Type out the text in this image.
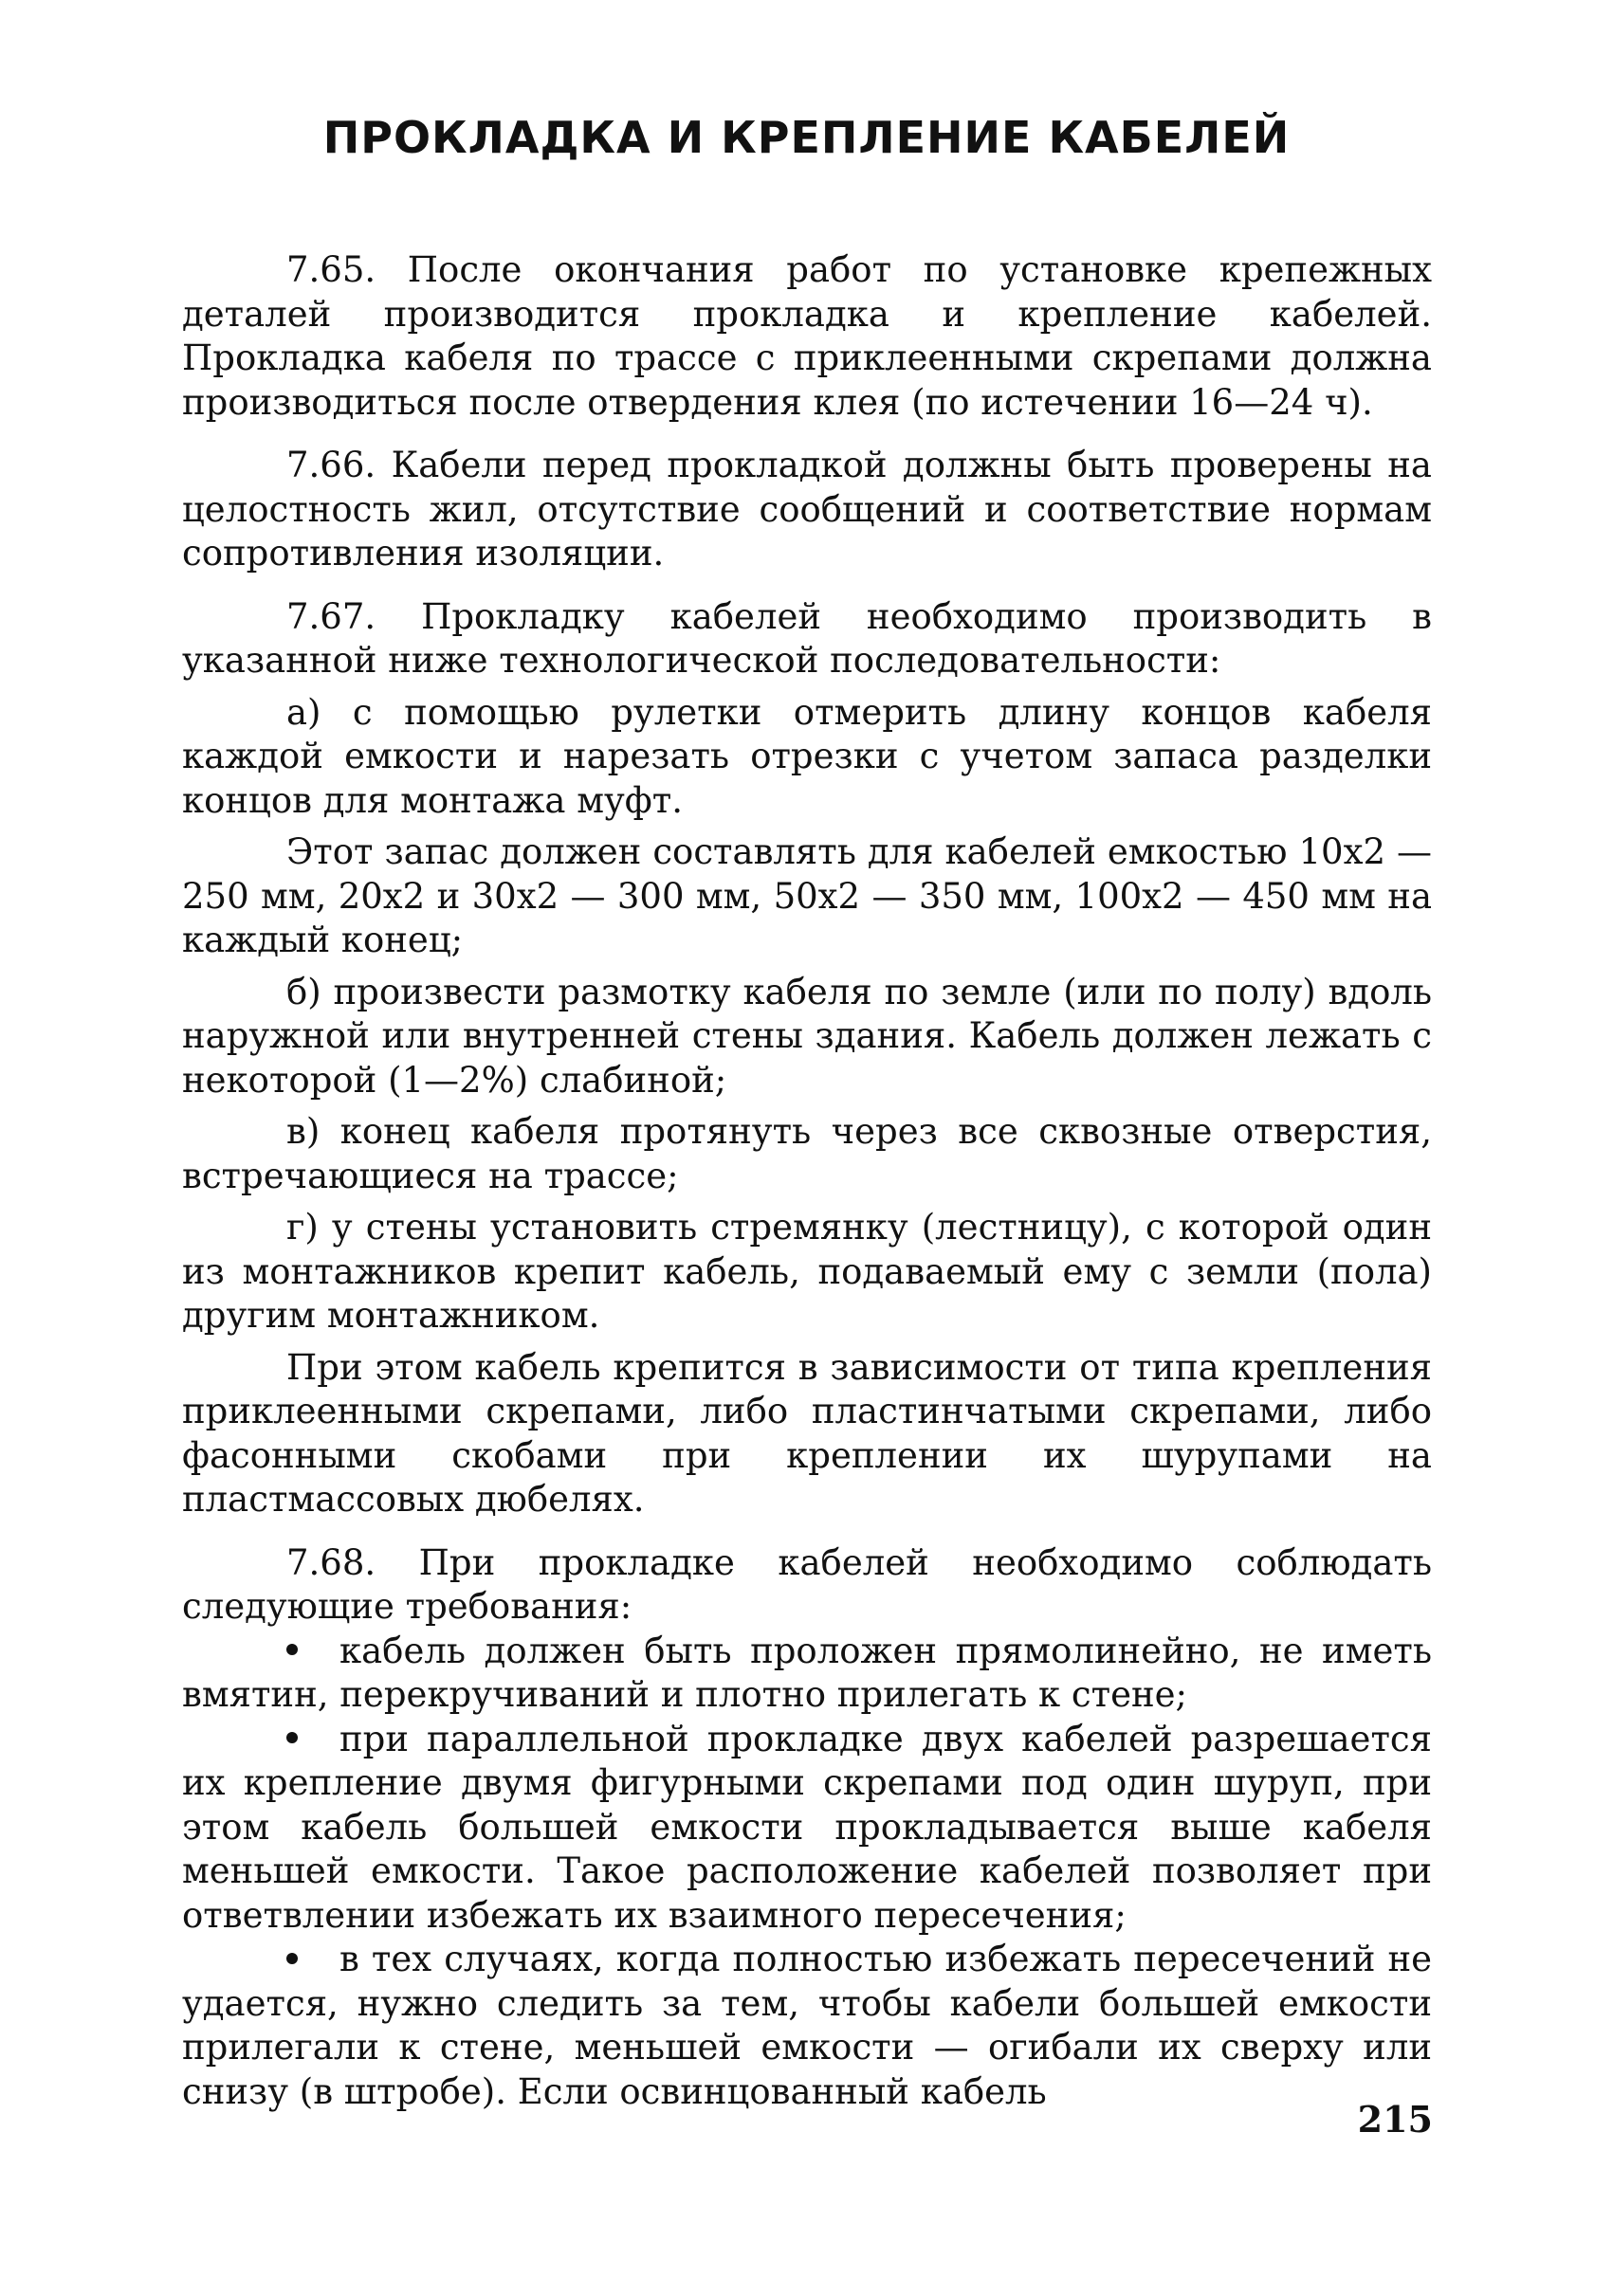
ПРОКЛАДКА И КРЕПЛЕНИЕ КАБЕЛЕЙ

7.65. После окончания работ по установке крепежных деталей производится прокладка и крепление кабелей. Прокладка кабеля по трассе с приклеенными скрепами должна производиться после отвердения клея (по истечении 16—24 ч).

7.66. Кабели перед прокладкой должны быть проверены на целостность жил, отсутствие сообщений и соответствие нормам сопротивления изоляции.

7.67. Прокладку кабелей необходимо производить в указанной ниже технологической последовательности:

а) с помощью рулетки отмерить длину концов кабеля каждой емкости и нарезать отрезки с учетом запаса разделки концов для монтажа муфт.

Этот запас должен составлять для кабелей емкостью 10x2 — 250 мм, 20x2 и 30x2 — 300 мм, 50x2 — 350 мм, 100x2 — 450 мм на каждый конец;

б) произвести размотку кабеля по земле (или по полу) вдоль наружной или внутренней стены здания. Кабель должен лежать с некоторой (1—2%) слабиной;

в) конец кабеля протянуть через все сквозные отверстия, встречающиеся на трассе;

г) у стены установить стремянку (лестницу), с которой один из монтажников крепит кабель, подаваемый ему с земли (пола) другим монтажником.

При этом кабель крепится в зависимости от типа крепления приклеенными скрепами, либо пластинчатыми скрепами, либо фасонными скобами при креплении их шурупами на пластмассовых дюбелях.

7.68. При прокладке кабелей необходимо соблюдать следующие требования:

кабель должен быть проложен прямолинейно, не иметь вмятин, перекручиваний и плотно прилегать к стене;

при параллельной прокладке двух кабелей разрешается их крепление двумя фигурными скрепами под один шуруп, при этом кабель большей емкости прокладывается выше кабеля меньшей емкости. Такое расположение кабелей позволяет при ответвлении избежать их взаимного пересечения;

в тех случаях, когда полностью избежать пересечений не удается, нужно следить за тем, чтобы кабели большей емкости прилегали к стене, меньшей емкости — огибали их сверху или снизу (в штробе). Если освинцованный кабель

215
